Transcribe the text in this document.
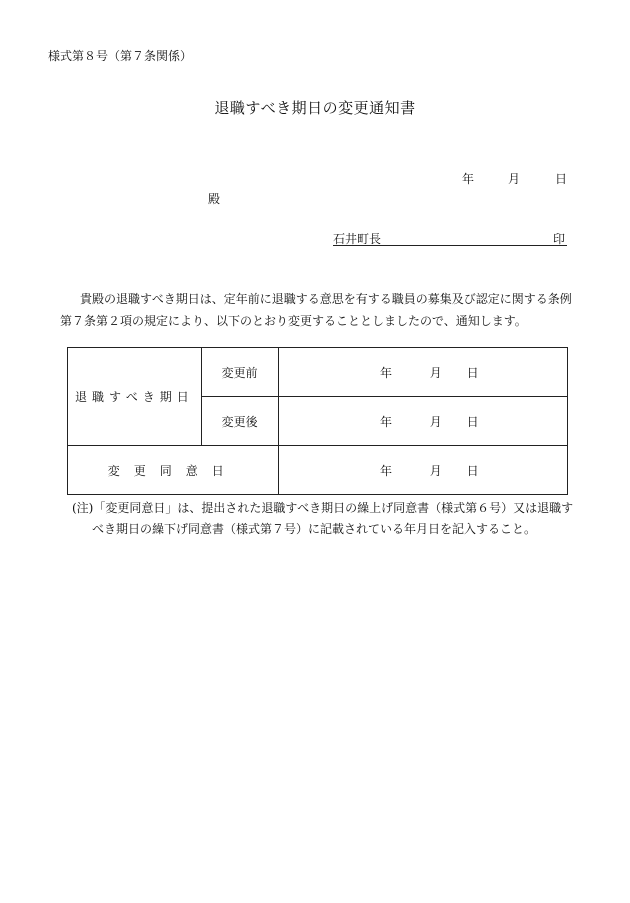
様式第８号（第７条関係）
退職すべき期日の変更通知書
年	月	日
殿
石井町長	印
貴殿の退職すべき期日は、定年前に退職する意思を有する職員の募集及び認定に関する条例
第７条第２項の規定により、以下のとおり変更することとしましたので、通知します。
退職すべき期日	変更前	年 月 日
	変更後	年 月 日
変更同意日		年 月 日
(注)「変更同意日」は、提出された退職すべき期日の繰上げ同意書（様式第６号）又は退職す
べき期日の繰下げ同意書（様式第７号）に記載されている年月日を記入すること。
